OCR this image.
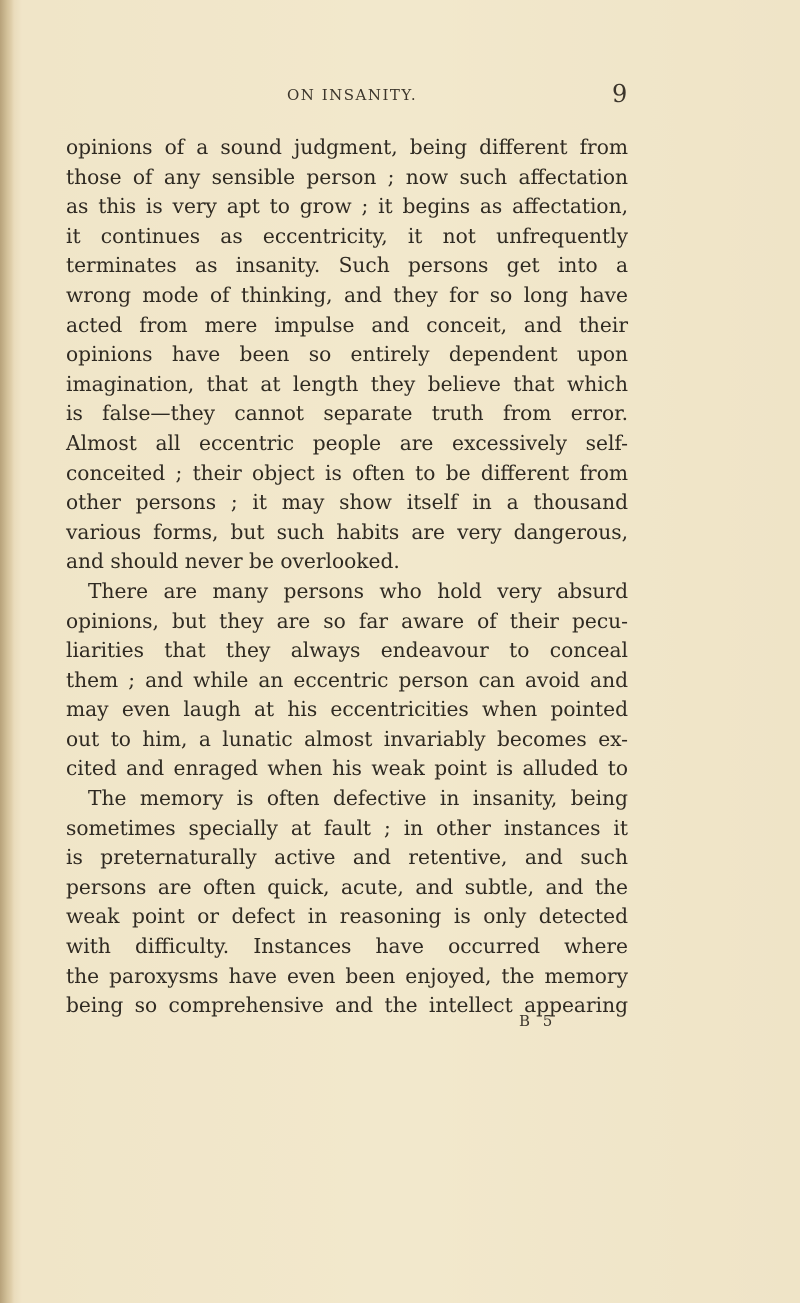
ON INSANITY.	9
opinions of a sound judgment, being different from
those of any sensible person ; now such affectation
as this is very apt to grow ; it begins as affectation,
it continues as eccentricity, it not unfrequently
terminates as insanity. Such persons get into a
wrong mode of thinking, and they for so long have
acted from mere impulse and conceit, and their
opinions have been so entirely dependent upon
imagination, that at length they believe that which
is false—they cannot separate truth from error.
Almost all eccentric people are excessively self-
conceited ; their object is often to be different from
other persons ; it may show itself in a thousand
various forms, but such habits are very dangerous,
and should never be overlooked.
There are many persons who hold very absurd
opinions, but they are so far aware of their pecu-
liarities that they always endeavour to conceal
them ; and while an eccentric person can avoid and
may even laugh at his eccentricities when pointed
out to him, a lunatic almost invariably becomes ex-
cited and enraged when his weak point is alluded to
The memory is often defective in insanity, being
sometimes specially at fault ; in other instances it
is preternaturally active and retentive, and such
persons are often quick, acute, and subtle, and the
weak point or defect in reasoning is only detected
with difficulty. Instances have occurred where
the paroxysms have even been enjoyed, the memory
being so comprehensive and the intellect appearing
B 5
